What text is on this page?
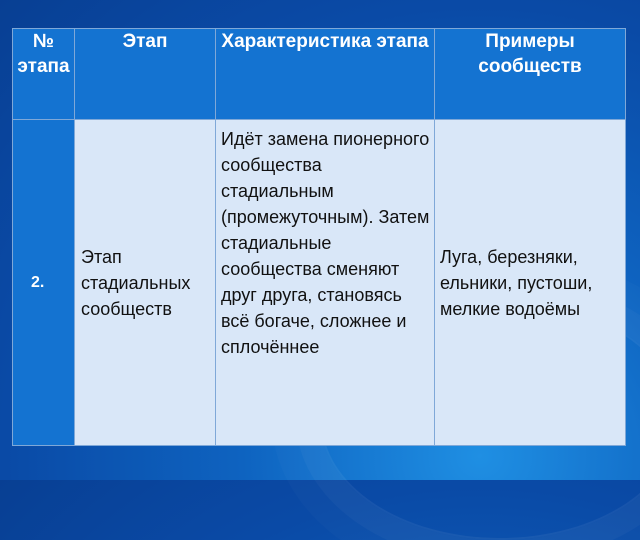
№ этапа	Этап	Характеристика этапа	Примеры сообществ
2.	Этап стадиальных сообществ	Идёт замена пионерного сообщества стадиальным (промежуточным). Затем стадиальные сообщества сменяют друг друга, становясь всё богаче, сложнее и сплочённее	Луга, березняки, ельники, пустоши, мелкие водоёмы
